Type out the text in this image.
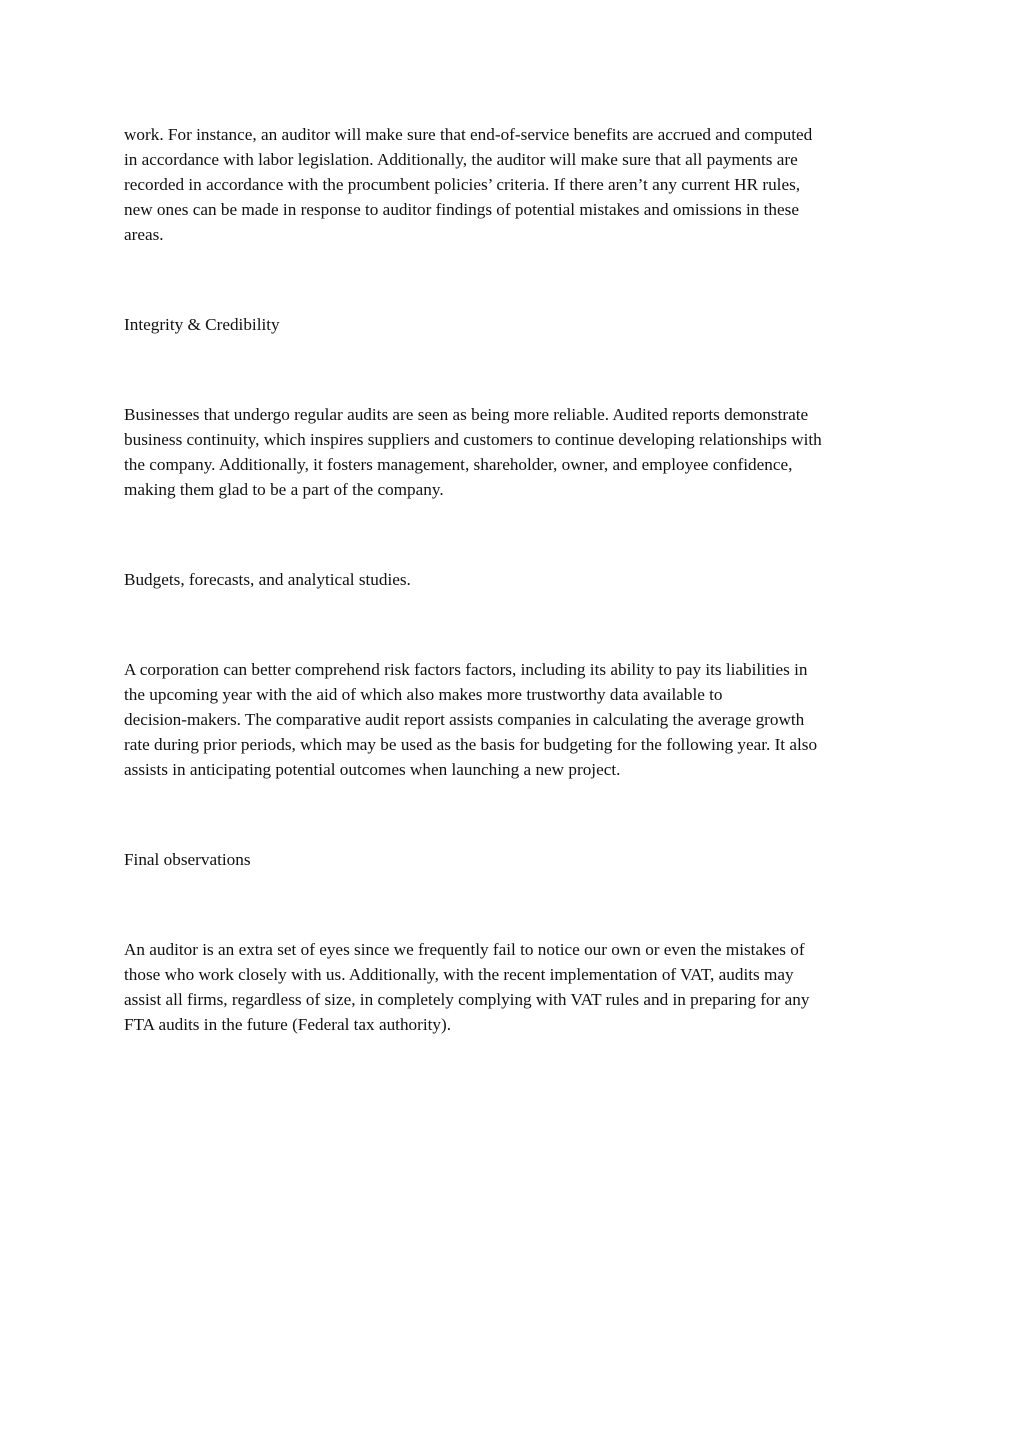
work. For instance, an auditor will make sure that end-of-service benefits are accrued and computed
in accordance with labor legislation. Additionally, the auditor will make sure that all payments are
recorded in accordance with the procumbent policies’ criteria. If there aren’t any current HR rules,
new ones can be made in response to auditor findings of potential mistakes and omissions in these
areas.

Integrity & Credibility

Businesses that undergo regular audits are seen as being more reliable. Audited reports demonstrate
business continuity, which inspires suppliers and customers to continue developing relationships with
the company. Additionally, it fosters management, shareholder, owner, and employee confidence,
making them glad to be a part of the company.

Budgets, forecasts, and analytical studies.

A corporation can better comprehend risk factors factors, including its ability to pay its liabilities in
the upcoming year with the aid of which also makes more trustworthy data available to
decision-makers. The comparative audit report assists companies in calculating the average growth
rate during prior periods, which may be used as the basis for budgeting for the following year. It also
assists in anticipating potential outcomes when launching a new project.

Final observations

An auditor is an extra set of eyes since we frequently fail to notice our own or even the mistakes of
those who work closely with us. Additionally, with the recent implementation of VAT, audits may
assist all firms, regardless of size, in completely complying with VAT rules and in preparing for any
FTA audits in the future (Federal tax authority).
